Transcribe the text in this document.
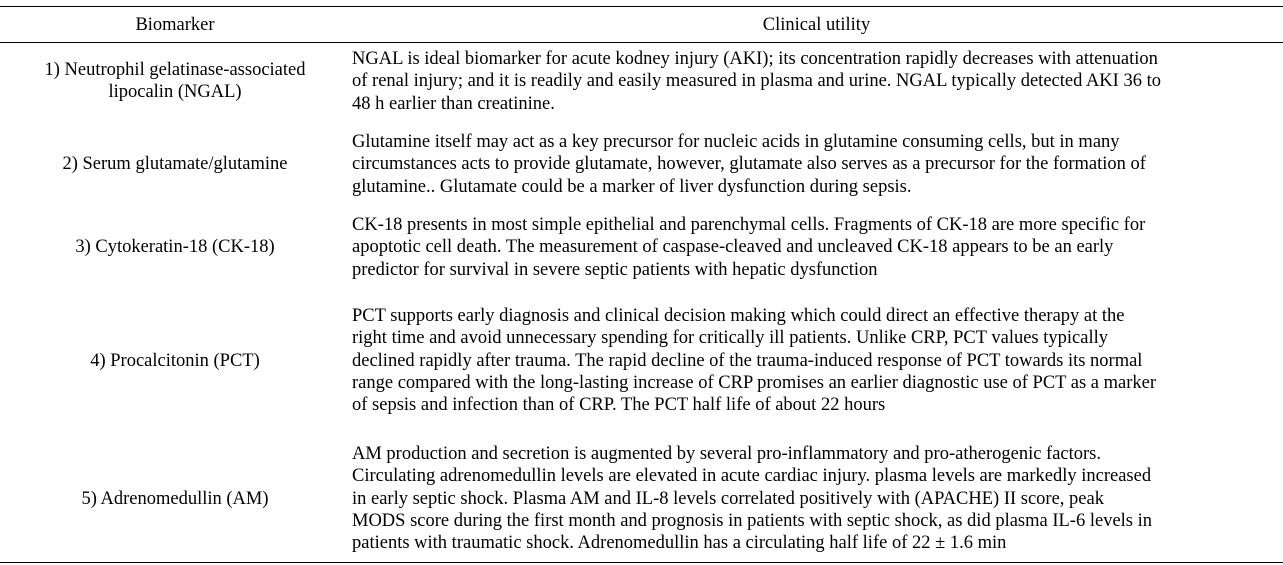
Biomarker	Clinical utility
1) Neutrophil gelatinase-associated
lipocalin (NGAL)
NGAL is ideal biomarker for acute kodney injury (AKI); its concentration rapidly decreases with attenuation
of renal injury; and it is readily and easily measured in plasma and urine. NGAL typically detected AKI 36 to
48 h earlier than creatinine.
2) Serum glutamate/glutamine
Glutamine itself may act as a key precursor for nucleic acids in glutamine consuming cells, but in many
circumstances acts to provide glutamate, however, glutamate also serves as a precursor for the formation of
glutamine.. Glutamate could be a marker of liver dysfunction during sepsis.
3) Cytokeratin-18 (CK-18)
CK-18 presents in most simple epithelial and parenchymal cells. Fragments of CK-18 are more specific for
apoptotic cell death. The measurement of caspase-cleaved and uncleaved CK-18 appears to be an early
predictor for survival in severe septic patients with hepatic dysfunction
4) Procalcitonin (PCT)
PCT supports early diagnosis and clinical decision making which could direct an effective therapy at the
right time and avoid unnecessary spending for critically ill patients. Unlike CRP, PCT values typically
declined rapidly after trauma. The rapid decline of the trauma-induced response of PCT towards its normal
range compared with the long-lasting increase of CRP promises an earlier diagnostic use of PCT as a marker
of sepsis and infection than of CRP. The PCT half life of about 22 hours
5) Adrenomedullin (AM)
AM production and secretion is augmented by several pro-inflammatory and pro-atherogenic factors.
Circulating adrenomedullin levels are elevated in acute cardiac injury. plasma levels are markedly increased
in early septic shock. Plasma AM and IL-8 levels correlated positively with (APACHE) II score, peak
MODS score during the first month and prognosis in patients with septic shock, as did plasma IL-6 levels in
patients with traumatic shock. Adrenomedullin has a circulating half life of 22 ± 1.6 min
